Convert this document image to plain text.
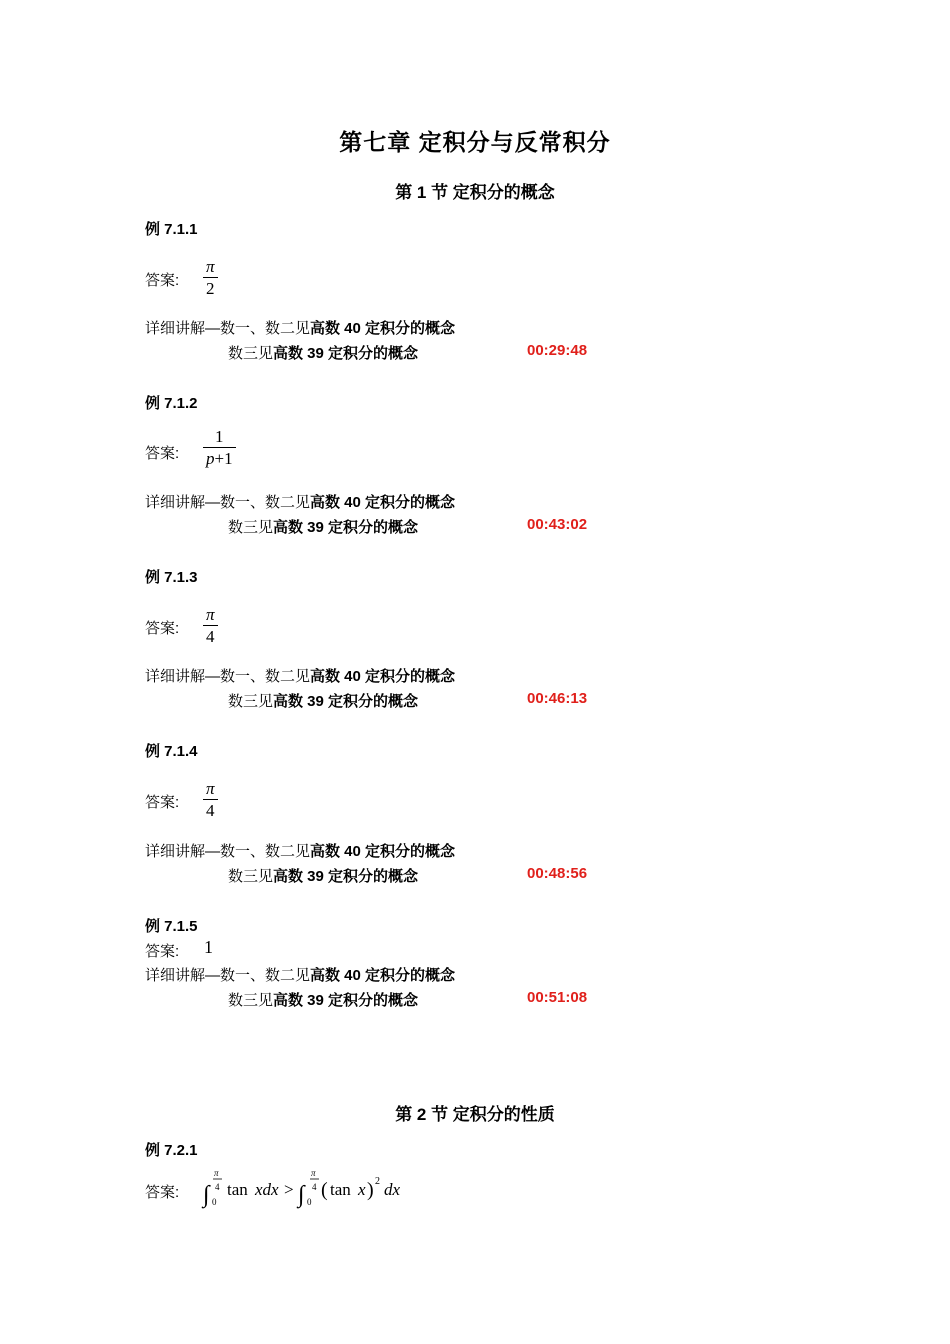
第七章 定积分与反常积分
第 1 节 定积分的概念
例 7.1.1
答案: $\frac{\pi}{2}$
详细讲解—数一、数二见高数 40 定积分的概念
数三见高数 39 定积分的概念	00:29:48
例 7.1.2
答案: $\frac{1}{p+1}$
详细讲解—数一、数二见高数 40 定积分的概念
数三见高数 39 定积分的概念	00:43:02
例 7.1.3
答案: $\frac{\pi}{4}$
详细讲解—数一、数二见高数 40 定积分的概念
数三见高数 39 定积分的概念	00:46:13
例 7.1.4
答案: $\frac{\pi}{4}$
详细讲解—数一、数二见高数 40 定积分的概念
数三见高数 39 定积分的概念	00:48:56
例 7.1.5
答案: 1
详细讲解—数一、数二见高数 40 定积分的概念
数三见高数 39 定积分的概念	00:51:08
第 2 节 定积分的性质
例 7.2.1
答案: ∫
π
4
0
tan xdx > ∫
π
4
0
( tan x ) 2 dx
